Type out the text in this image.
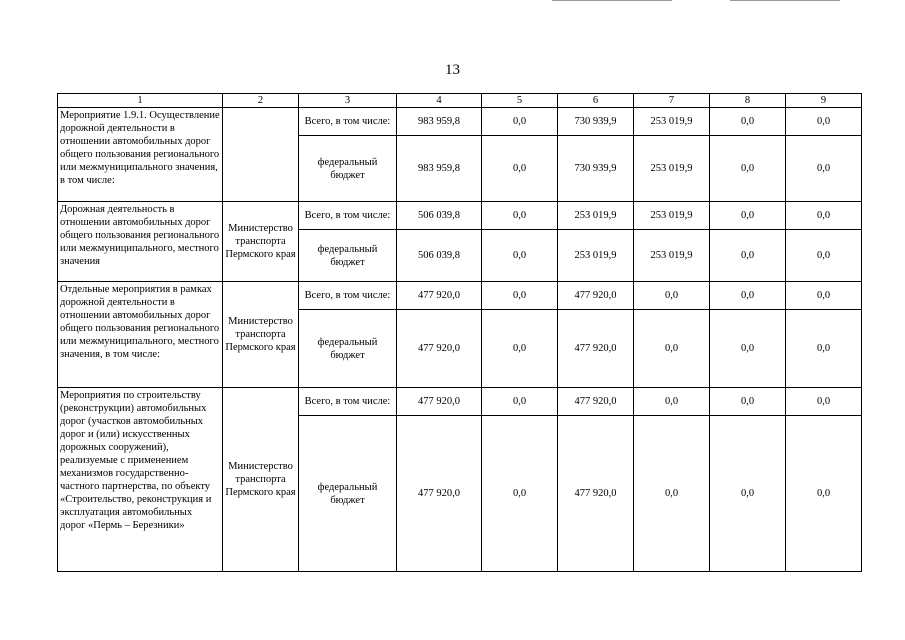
13
1	2	3	4	5	6	7	8	9
Мероприятие 1.9.1. Осуществление дорожной деятельности в отношении автомобильных дорог общего пользования регионального или межмуниципального значения, в том числе:		Всего, в том числе:	983 959,8	0,0	730 939,9	253 019,9	0,0	0,0
		федеральный бюджет	983 959,8	0,0	730 939,9	253 019,9	0,0	0,0
Дорожная деятельность в отношении автомобильных дорог общего пользования регионального или межмуниципального, местного значения	Министерство транспорта Пермского края	Всего, в том числе:	506 039,8	0,0	253 019,9	253 019,9	0,0	0,0
		федеральный бюджет	506 039,8	0,0	253 019,9	253 019,9	0,0	0,0
Отдельные мероприятия в рамках дорожной деятельности в отношении автомобильных дорог общего пользования регионального или межмуниципального, местного значения, в том числе:	Министерство транспорта Пермского края	Всего, в том числе:	477 920,0	0,0	477 920,0	0,0	0,0	0,0
		федеральный бюджет	477 920,0	0,0	477 920,0	0,0	0,0	0,0
Мероприятия по строительству (реконструкции) автомобильных дорог (участков автомобильных дорог и (или) искусственных дорожных сооружений), реализуемые с применением механизмов государственно-частного партнерства, по объекту «Строительство, реконструкция и эксплуатация автомобильных дорог «Пермь – Березники»	Министерство транспорта Пермского края	Всего, в том числе:	477 920,0	0,0	477 920,0	0,0	0,0	0,0
		федеральный бюджет	477 920,0	0,0	477 920,0	0,0	0,0	0,0
